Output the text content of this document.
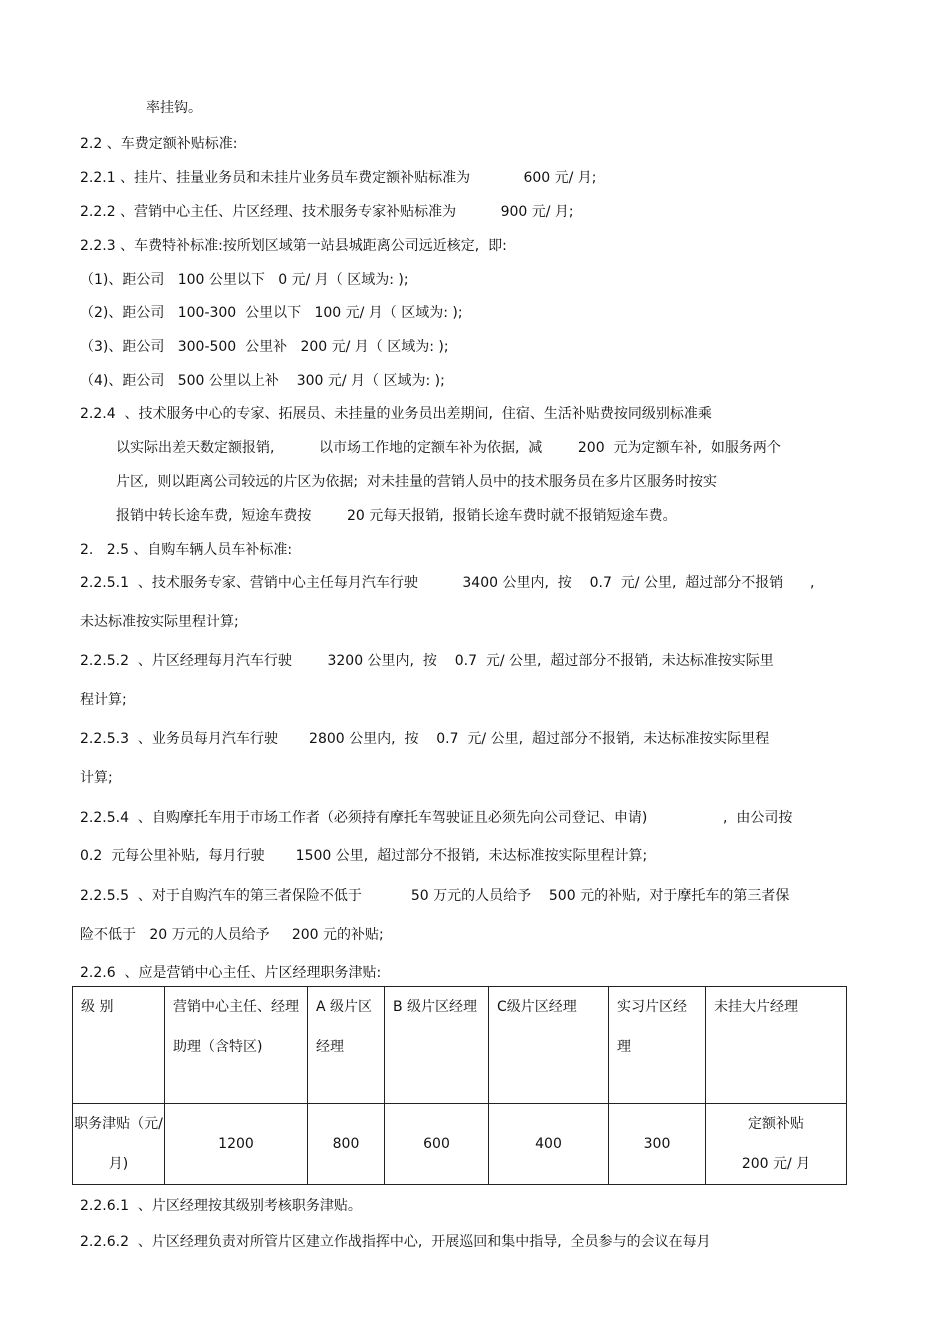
率挂钩。
2.2 、车费定额补贴标准:
2.2.1 、挂片、挂量业务员和未挂片业务员车费定额补贴标准为            600 元/ 月;
2.2.2 、营销中心主任、片区经理、技术服务专家补贴标准为          900 元/ 月;
2.2.3 、车费特补标准:按所划区域第一站县城距离公司远近核定,  即:
（1)、距公司   100 公里以下   0 元/ 月（ 区域为: );
（2)、距公司   100-300  公里以下   100 元/ 月（ 区域为: );
（3)、距公司   300-500  公里补   200 元/ 月（ 区域为: );
（4)、距公司   500 公里以上补    300 元/ 月（ 区域为: );
2.2.4  、技术服务中心的专家、拓展员、未挂量的业务员出差期间,  住宿、生活补贴费按同级别标准乘
以实际出差天数定额报销,          以市场工作地的定额车补为依据,  减        200  元为定额车补,  如服务两个
片区,  则以距离公司较远的片区为依据;  对未挂量的营销人员中的技术服务员在多片区服务时按实
报销中转长途车费,  短途车费按        20 元每天报销,  报销长途车费时就不报销短途车费。
2.   2.5 、自购车辆人员车补标准:
2.2.5.1  、技术服务专家、营销中心主任每月汽车行驶          3400 公里内,  按    0.7  元/ 公里,  超过部分不报销      ,
未达标准按实际里程计算;
2.2.5.2  、片区经理每月汽车行驶        3200 公里内,  按    0.7  元/ 公里,  超过部分不报销,  未达标准按实际里
程计算;
2.2.5.3  、业务员每月汽车行驶       2800 公里内,  按    0.7  元/ 公里,  超过部分不报销,  未达标准按实际里程
计算;
2.2.5.4  、自购摩托车用于市场工作者（必须持有摩托车驾驶证且必须先向公司登记、申请)                 ,  由公司按
0.2  元每公里补贴,  每月行驶       1500 公里,  超过部分不报销,  未达标准按实际里程计算;
2.2.5.5  、对于自购汽车的第三者保险不低于           50 万元的人员给予    500 元的补贴,  对于摩托车的第三者保
险不低于   20 万元的人员给予     200 元的补贴;
2.2.6  、应是营销中心主任、片区经理职务津贴:
级 别	营销中心主任、经理助理（含特区)	A 级片区经理	B 级片区经理	C级片区经理	实习片区经理	未挂大片经理
职务津贴（元/ 月)	1200	800	600	400	300	定额补贴
200 元/ 月
2.2.6.1  、片区经理按其级别考核职务津贴。
2.2.6.2  、片区经理负责对所管片区建立作战指挥中心,  开展巡回和集中指导,  全员参与的会议在每月
